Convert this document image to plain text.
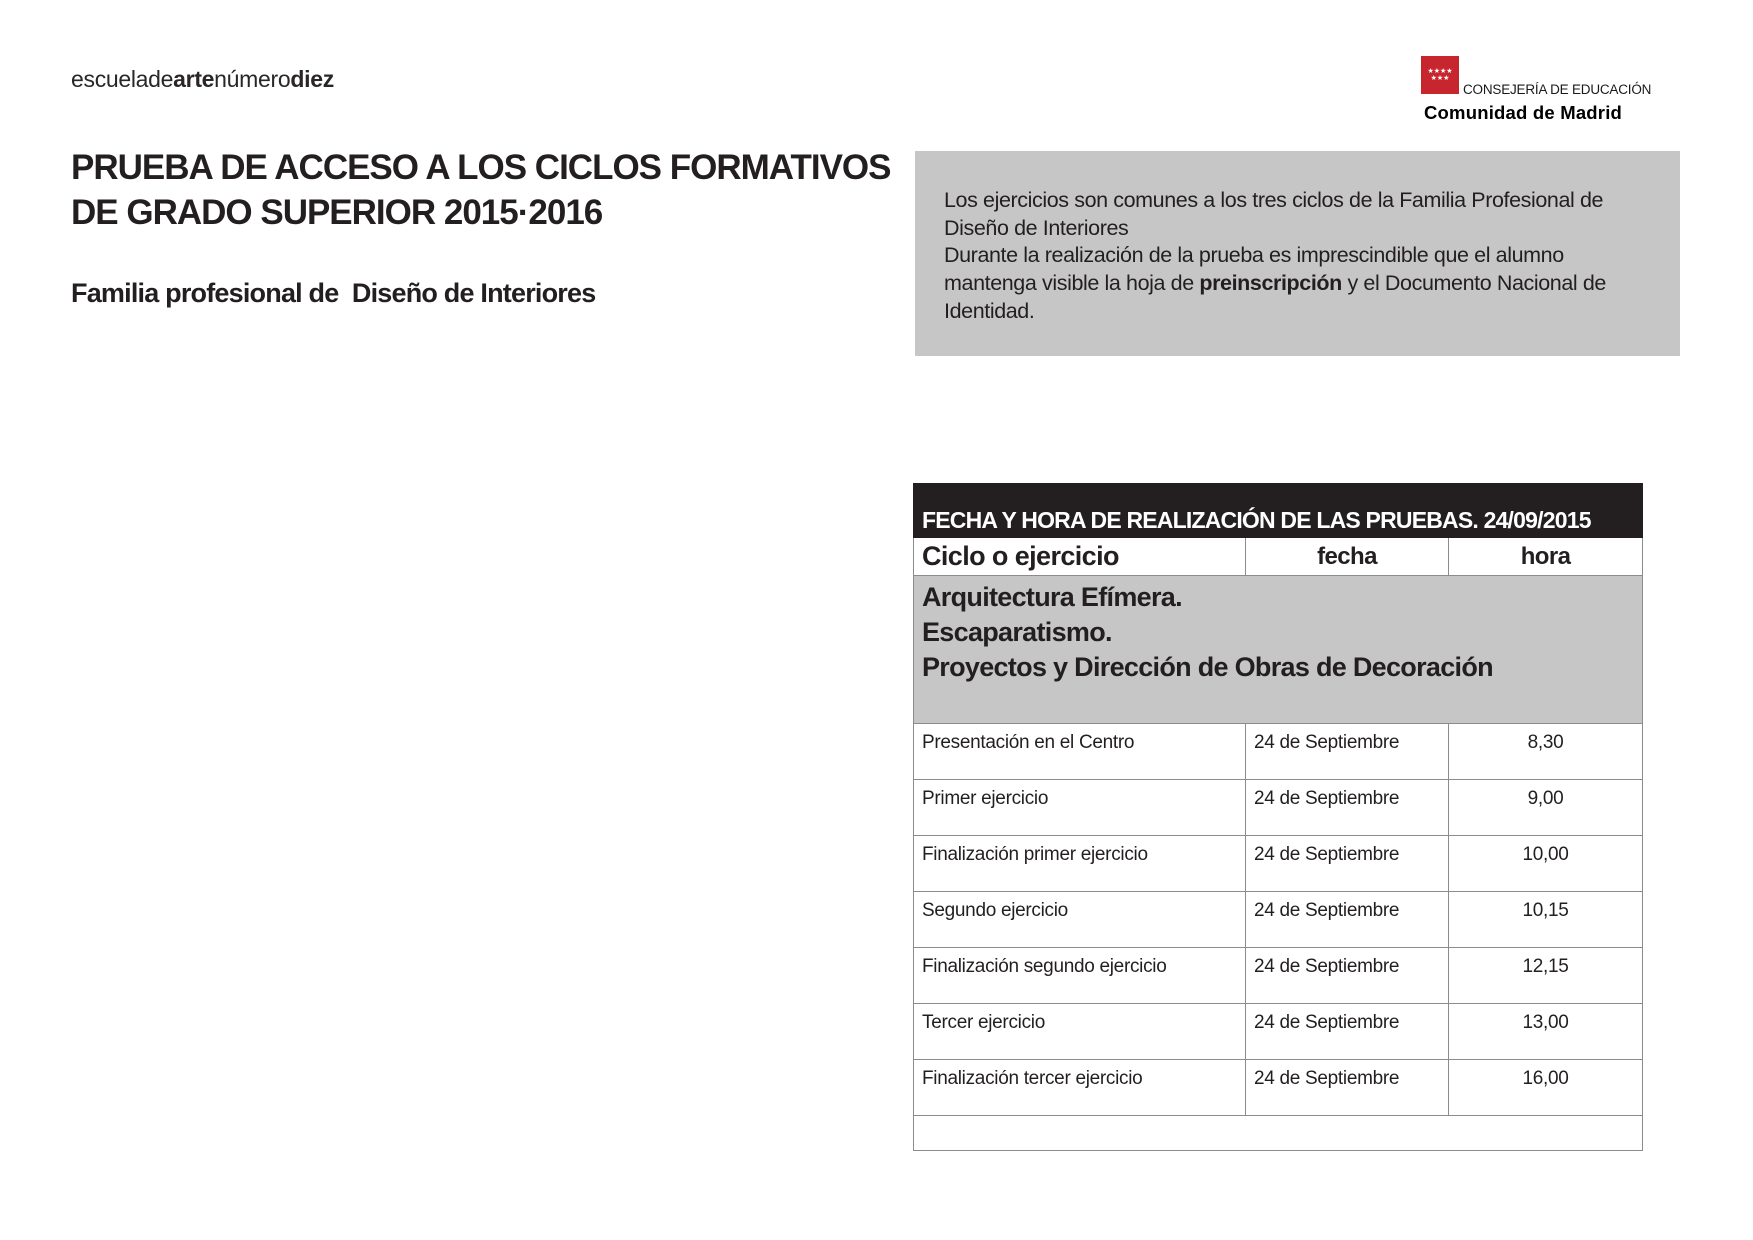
escueladeartenúmerodiez	★★★★
★★★
CONSEJERÍA DE EDUCACIÓN
Comunidad de Madrid
PRUEBA DE ACCESO A LOS CICLOS FORMATIVOS
DE GRADO SUPERIOR 2015·2016
Familia profesional de  Diseño de Interiores

Los ejercicios son comunes a los tres ciclos de la Familia Profesional de Diseño de Interiores

Durante la realización de la prueba es imprescindible que el alumno mantenga visible la hoja de preinscripción y el Documento Nacional de Identidad.

FECHA Y HORA DE REALIZACIÓN DE LAS PRUEBAS. 24/09/2015		
Ciclo o ejercicio	fecha	hora

Arquitectura Efímera.
Escaparatismo.
Proyectos y Dirección de Obras de Decoración		

Presentación en el Centro	24 de Septiembre	8,30
Primer ejercicio	24 de Septiembre	9,00
Finalización primer ejercicio	24 de Septiembre	10,00
Segundo ejercicio	24 de Septiembre	10,15
Finalización segundo ejercicio	24 de Septiembre	12,15
Tercer ejercicio	24 de Septiembre	13,00
Finalización tercer ejercicio	24 de Septiembre	16,00
